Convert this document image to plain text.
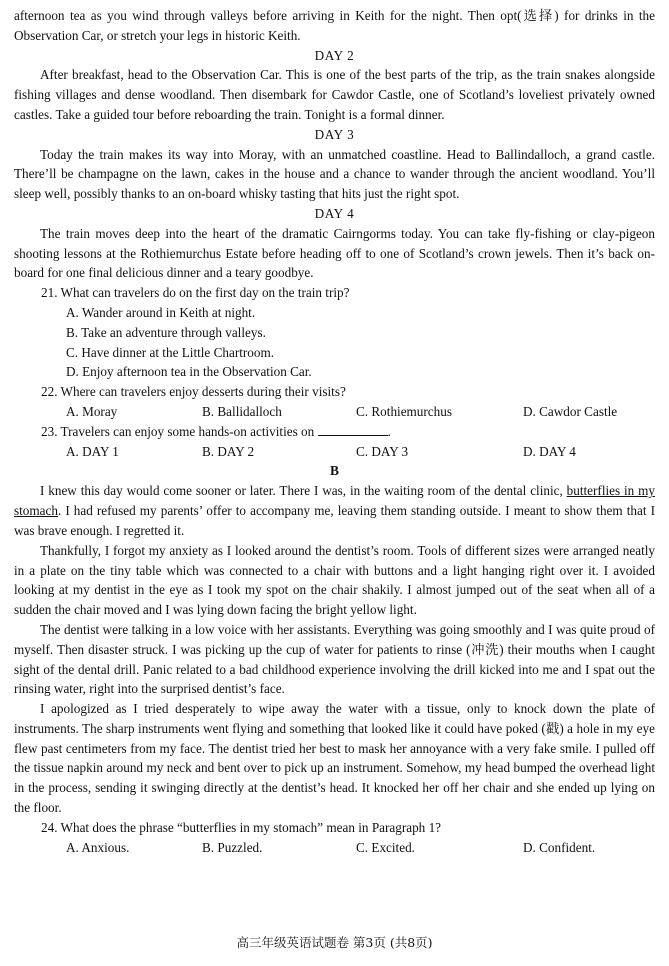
afternoon tea as you wind through valleys before arriving in Keith for the night. Then opt(选择) for drinks in the Observation Car, or stretch your legs in historic Keith.

DAY 2

After breakfast, head to the Observation Car. This is one of the best parts of the trip, as the train snakes alongside fishing villages and dense woodland. Then disembark for Cawdor Castle, one of Scotland’s loveliest privately owned castles. Take a guided tour before reboarding the train. Tonight is a formal dinner.

DAY 3

Today the train makes its way into Moray, with an unmatched coastline. Head to Ballindalloch, a grand castle. There’ll be champagne on the lawn, cakes in the house and a chance to wander through the ancient woodland. You’ll sleep well, possibly thanks to an on-board whisky tasting that hits just the right spot.

DAY 4

The train moves deep into the heart of the dramatic Cairngorms today. You can take fly-fishing or clay-pigeon shooting lessons at the Rothiemurchus Estate before heading off to one of Scotland’s crown jewels. Then it’s back on-board for one final delicious dinner and a teary goodbye.

21. What can travelers do on the first day on the train trip?

A. Wander around in Keith at night.

B. Take an adventure through valleys.

C. Have dinner at the Little Chartroom.

D. Enjoy afternoon tea in the Observation Car.

22. Where can travelers enjoy desserts during their visits?

A. Moray	B. Ballidalloch	C. Rothiemurchus	D. Cawdor Castle

23. Travelers can enjoy some hands-on activities on	.

A. DAY 1	B. DAY 2	C. DAY 3	D. DAY 4

B

I knew this day would come sooner or later. There I was, in the waiting room of the dental clinic, butterflies in my stomach. I had refused my parents’ offer to accompany me, leaving them standing outside. I meant to show them that I was brave enough. I regretted it.

Thankfully, I forgot my anxiety as I looked around the dentist’s room. Tools of different sizes were arranged neatly in a plate on the tiny table which was connected to a chair with buttons and a light hanging right over it. I avoided looking at my dentist in the eye as I took my spot on the chair shakily. I almost jumped out of the seat when all of a sudden the chair moved and I was lying down facing the bright yellow light.

The dentist were talking in a low voice with her assistants. Everything was going smoothly and I was quite proud of myself. Then disaster struck. I was picking up the cup of water for patients to rinse (冲洗) their mouths when I caught sight of the dental drill. Panic related to a bad childhood experience involving the drill kicked into me and I spat out the rinsing water, right into the surprised dentist’s face.

I apologized as I tried desperately to wipe away the water with a tissue, only to knock down the plate of instruments. The sharp instruments went flying and something that looked like it could have poked (戳) a hole in my eye flew past centimeters from my face. The dentist tried her best to mask her annoyance with a very fake smile. I pulled off the tissue napkin around my neck and bent over to pick up an instrument. Somehow, my head bumped the overhead light in the process, sending it swinging directly at the dentist’s head. It knocked her off her chair and she ended up lying on the floor.

24. What does the phrase “butterflies in my stomach” mean in Paragraph 1?

A. Anxious.	B. Puzzled.	C. Excited.	D. Confident.
高三年级英语试题卷 第3页 (共8页)
